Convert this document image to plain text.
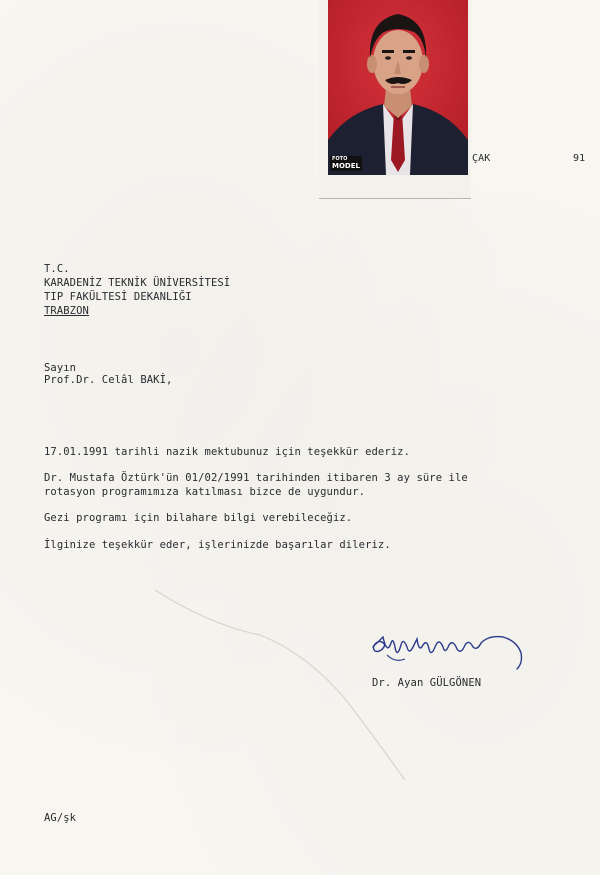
FOTO
MODEL
ÇAK	91
T.C.
KARADENİZ TEKNİK ÜNİVERSİTESİ
TIP FAKÜLTESİ DEKANLIĞI
TRABZON
Sayın
Prof.Dr. Celâl BAKİ,
17.01.1991 tarihli nazik mektubunuz için teşekkür ederiz.
Dr. Mustafa Öztürk'ün 01/02/1991 tarihinden itibaren 3 ay süre ile
rotasyon programımıza katılması bizce de uygundur.
Gezi programı için bilahare bilgi verebileceğiz.
İlginize teşekkür eder, işlerinizde başarılar dileriz.
Dr. Ayan GÜLGÖNEN
AG/şk
